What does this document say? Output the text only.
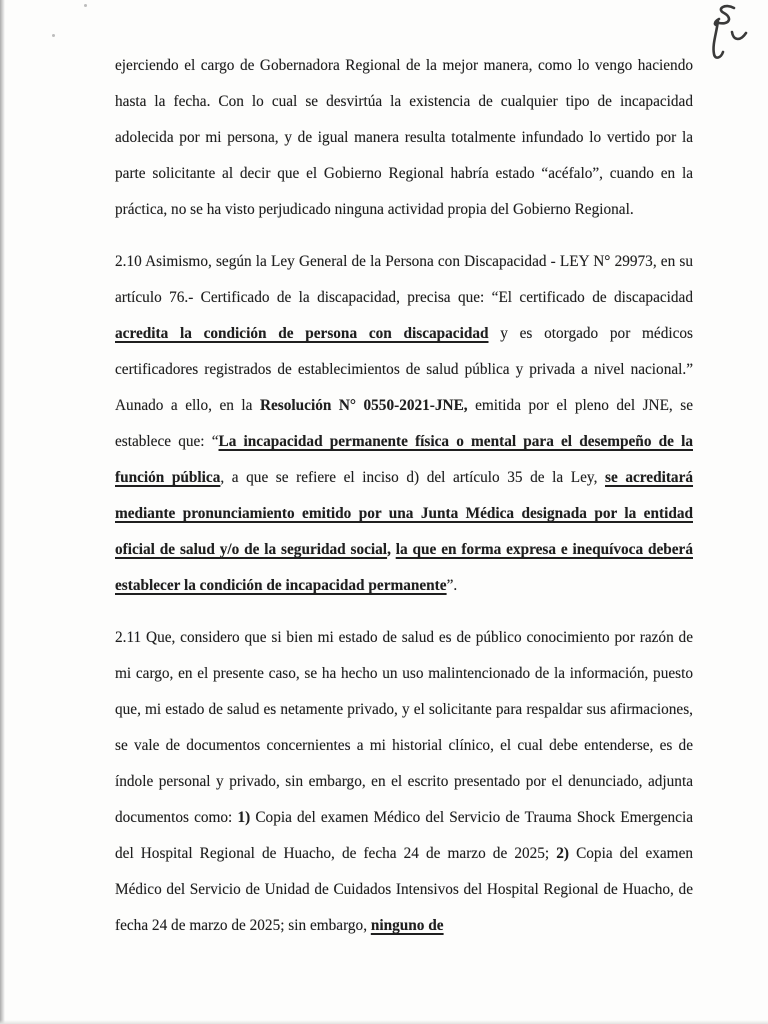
ejerciendo el cargo de Gobernadora Regional de la mejor manera, como lo vengo haciendo hasta la fecha. Con lo cual se desvirtúa la existencia de cualquier tipo de incapacidad adolecida por mi persona, y de igual manera resulta totalmente infundado lo vertido por la parte solicitante al decir que el Gobierno Regional habría estado “acéfalo”, cuando en la práctica, no se ha visto perjudicado ninguna actividad propia del Gobierno Regional.

2.10 Asimismo, según la Ley General de la Persona con Discapacidad - LEY N° 29973, en su artículo 76.- Certificado de la discapacidad, precisa que: “El certificado de discapacidad acredita la condición de persona con discapacidad y es otorgado por médicos certificadores registrados de establecimientos de salud pública y privada a nivel nacional.” Aunado a ello, en la Resolución N° 0550-2021-JNE, emitida por el pleno del JNE, se establece que: “La incapacidad permanente física o mental para el desempeño de la función pública, a que se refiere el inciso d) del artículo 35 de la Ley, se acreditará mediante pronunciamiento emitido por una Junta Médica designada por la entidad oficial de salud y/o de la seguridad social, la que en forma expresa e inequívoca deberá establecer la condición de incapacidad permanente”.

2.11 Que, considero que si bien mi estado de salud es de público conocimiento por razón de mi cargo, en el presente caso, se ha hecho un uso malintencionado de la información, puesto que, mi estado de salud es netamente privado, y el solicitante para respaldar sus afirmaciones, se vale de documentos concernientes a mi historial clínico, el cual debe entenderse, es de índole personal y privado, sin embargo, en el escrito presentado por el denunciado, adjunta documentos como: 1) Copia del examen Médico del Servicio de Trauma Shock Emergencia del Hospital Regional de Huacho, de fecha 24 de marzo de 2025; 2) Copia del examen Médico del Servicio de Unidad de Cuidados Intensivos del Hospital Regional de Huacho, de fecha 24 de marzo de 2025; sin embargo, ninguno de
